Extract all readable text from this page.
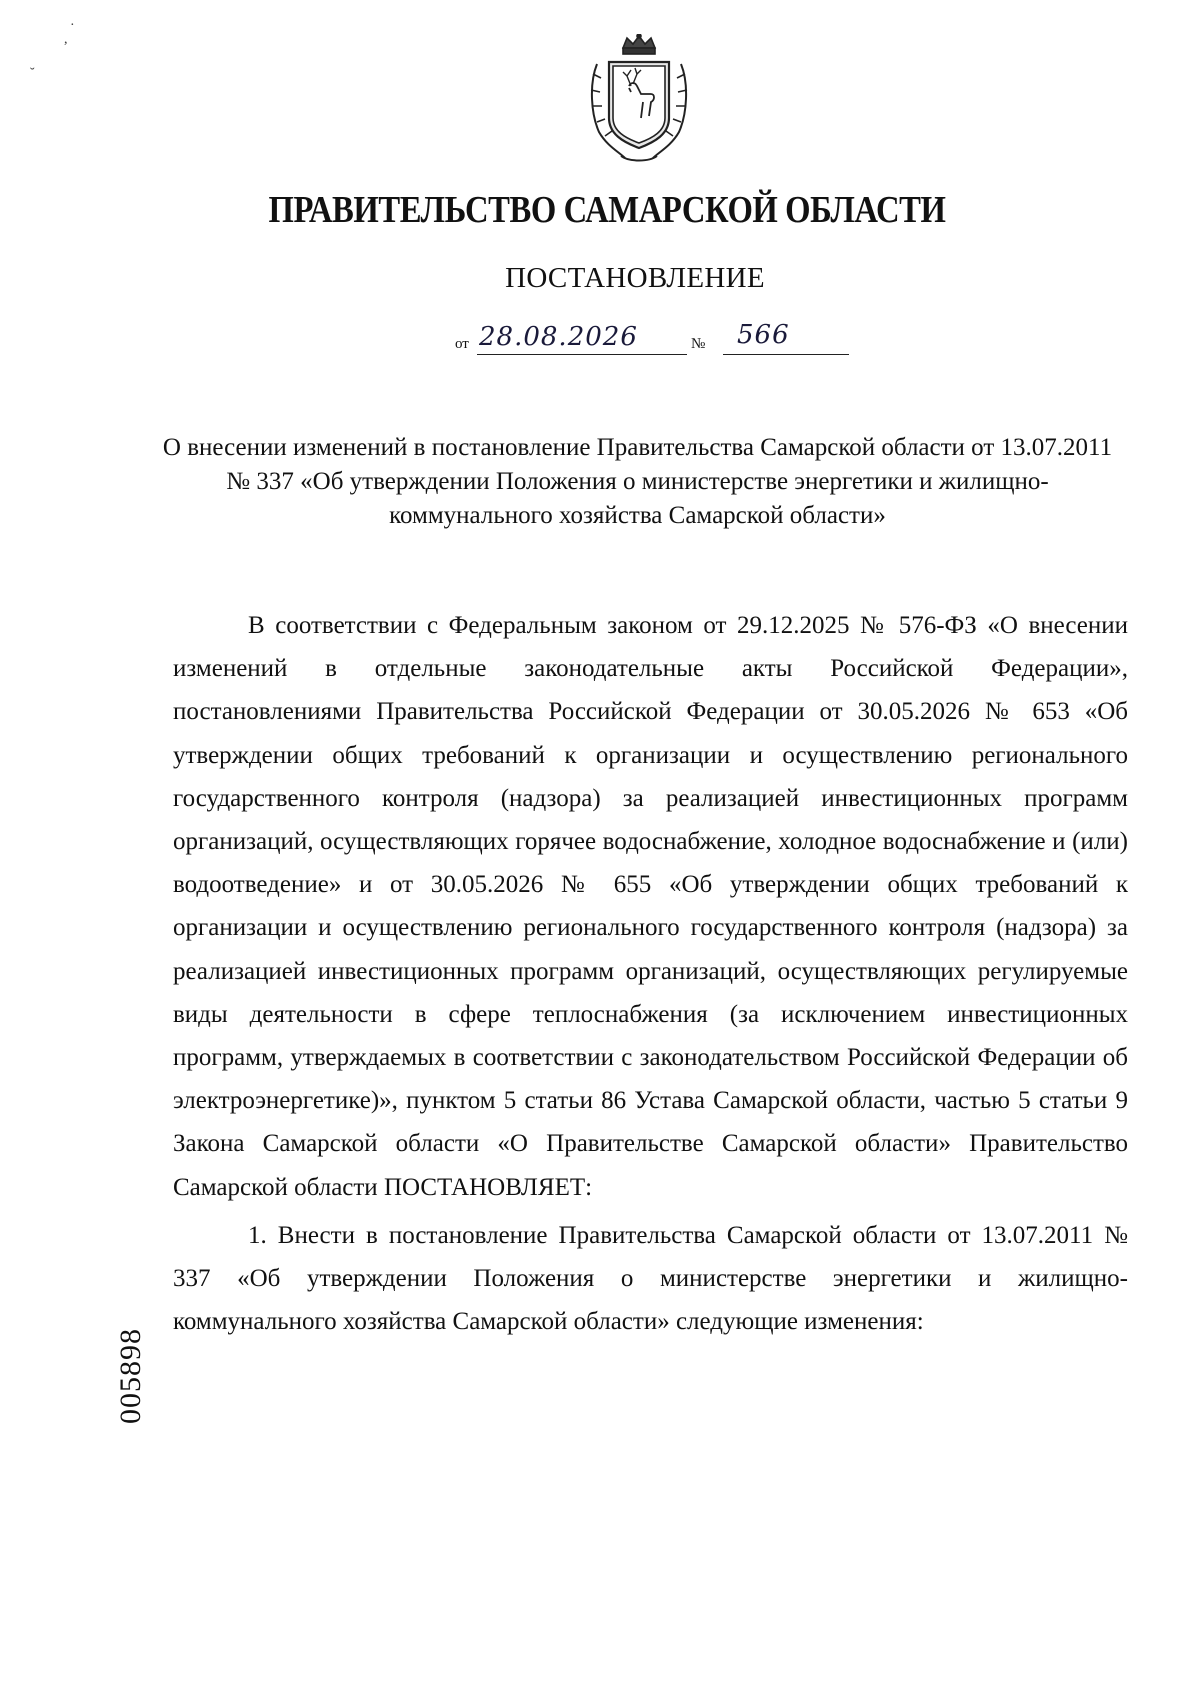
·
,
˘
ПРАВИТЕЛЬСТВО САМАРСКОЙ ОБЛАСТИ
ПОСТАНОВЛЕНИЕ
от 28.08.2026	№ 566
О внесении изменений в постановление Правительства Самарской области от 13.07.2011 № 337 «Об утверждении Положения о министерстве энергетики и жилищно-коммунального хозяйства Самарской области»

В соответствии с Федеральным законом от 29.12.2025 № 576-ФЗ «О внесении изменений в отдельные законодательные акты Российской Федерации», постановлениями Правительства Российской Федерации от 30.05.2026 № 653 «Об утверждении общих требований к организации и осуществлению регионального государственного контроля (надзора) за реализацией инвестиционных программ организаций, осуществляющих горячее водоснабжение, холодное водоснабжение и (или) водоотведение» и от 30.05.2026 № 655 «Об утверждении общих требований к организации и осуществлению регионального государственного контроля (надзора) за реализацией инвестиционных программ организаций, осуществляющих регулируемые виды деятельности в сфере теплоснабжения (за исключением инвестиционных программ, утверждаемых в соответствии с законодательством Российской Федерации об электроэнергетике)», пунктом 5 статьи 86 Устава Самарской области, частью 5 статьи 9 Закона Самарской области «О Правительстве Самарской области» Правительство Самарской области ПОСТАНОВЛЯЕТ:

1. Внести в постановление Правительства Самарской области от 13.07.2011 № 337 «Об утверждении Положения о министерстве энергетики и жилищно-коммунального хозяйства Самарской области» следующие изменения:

005898
